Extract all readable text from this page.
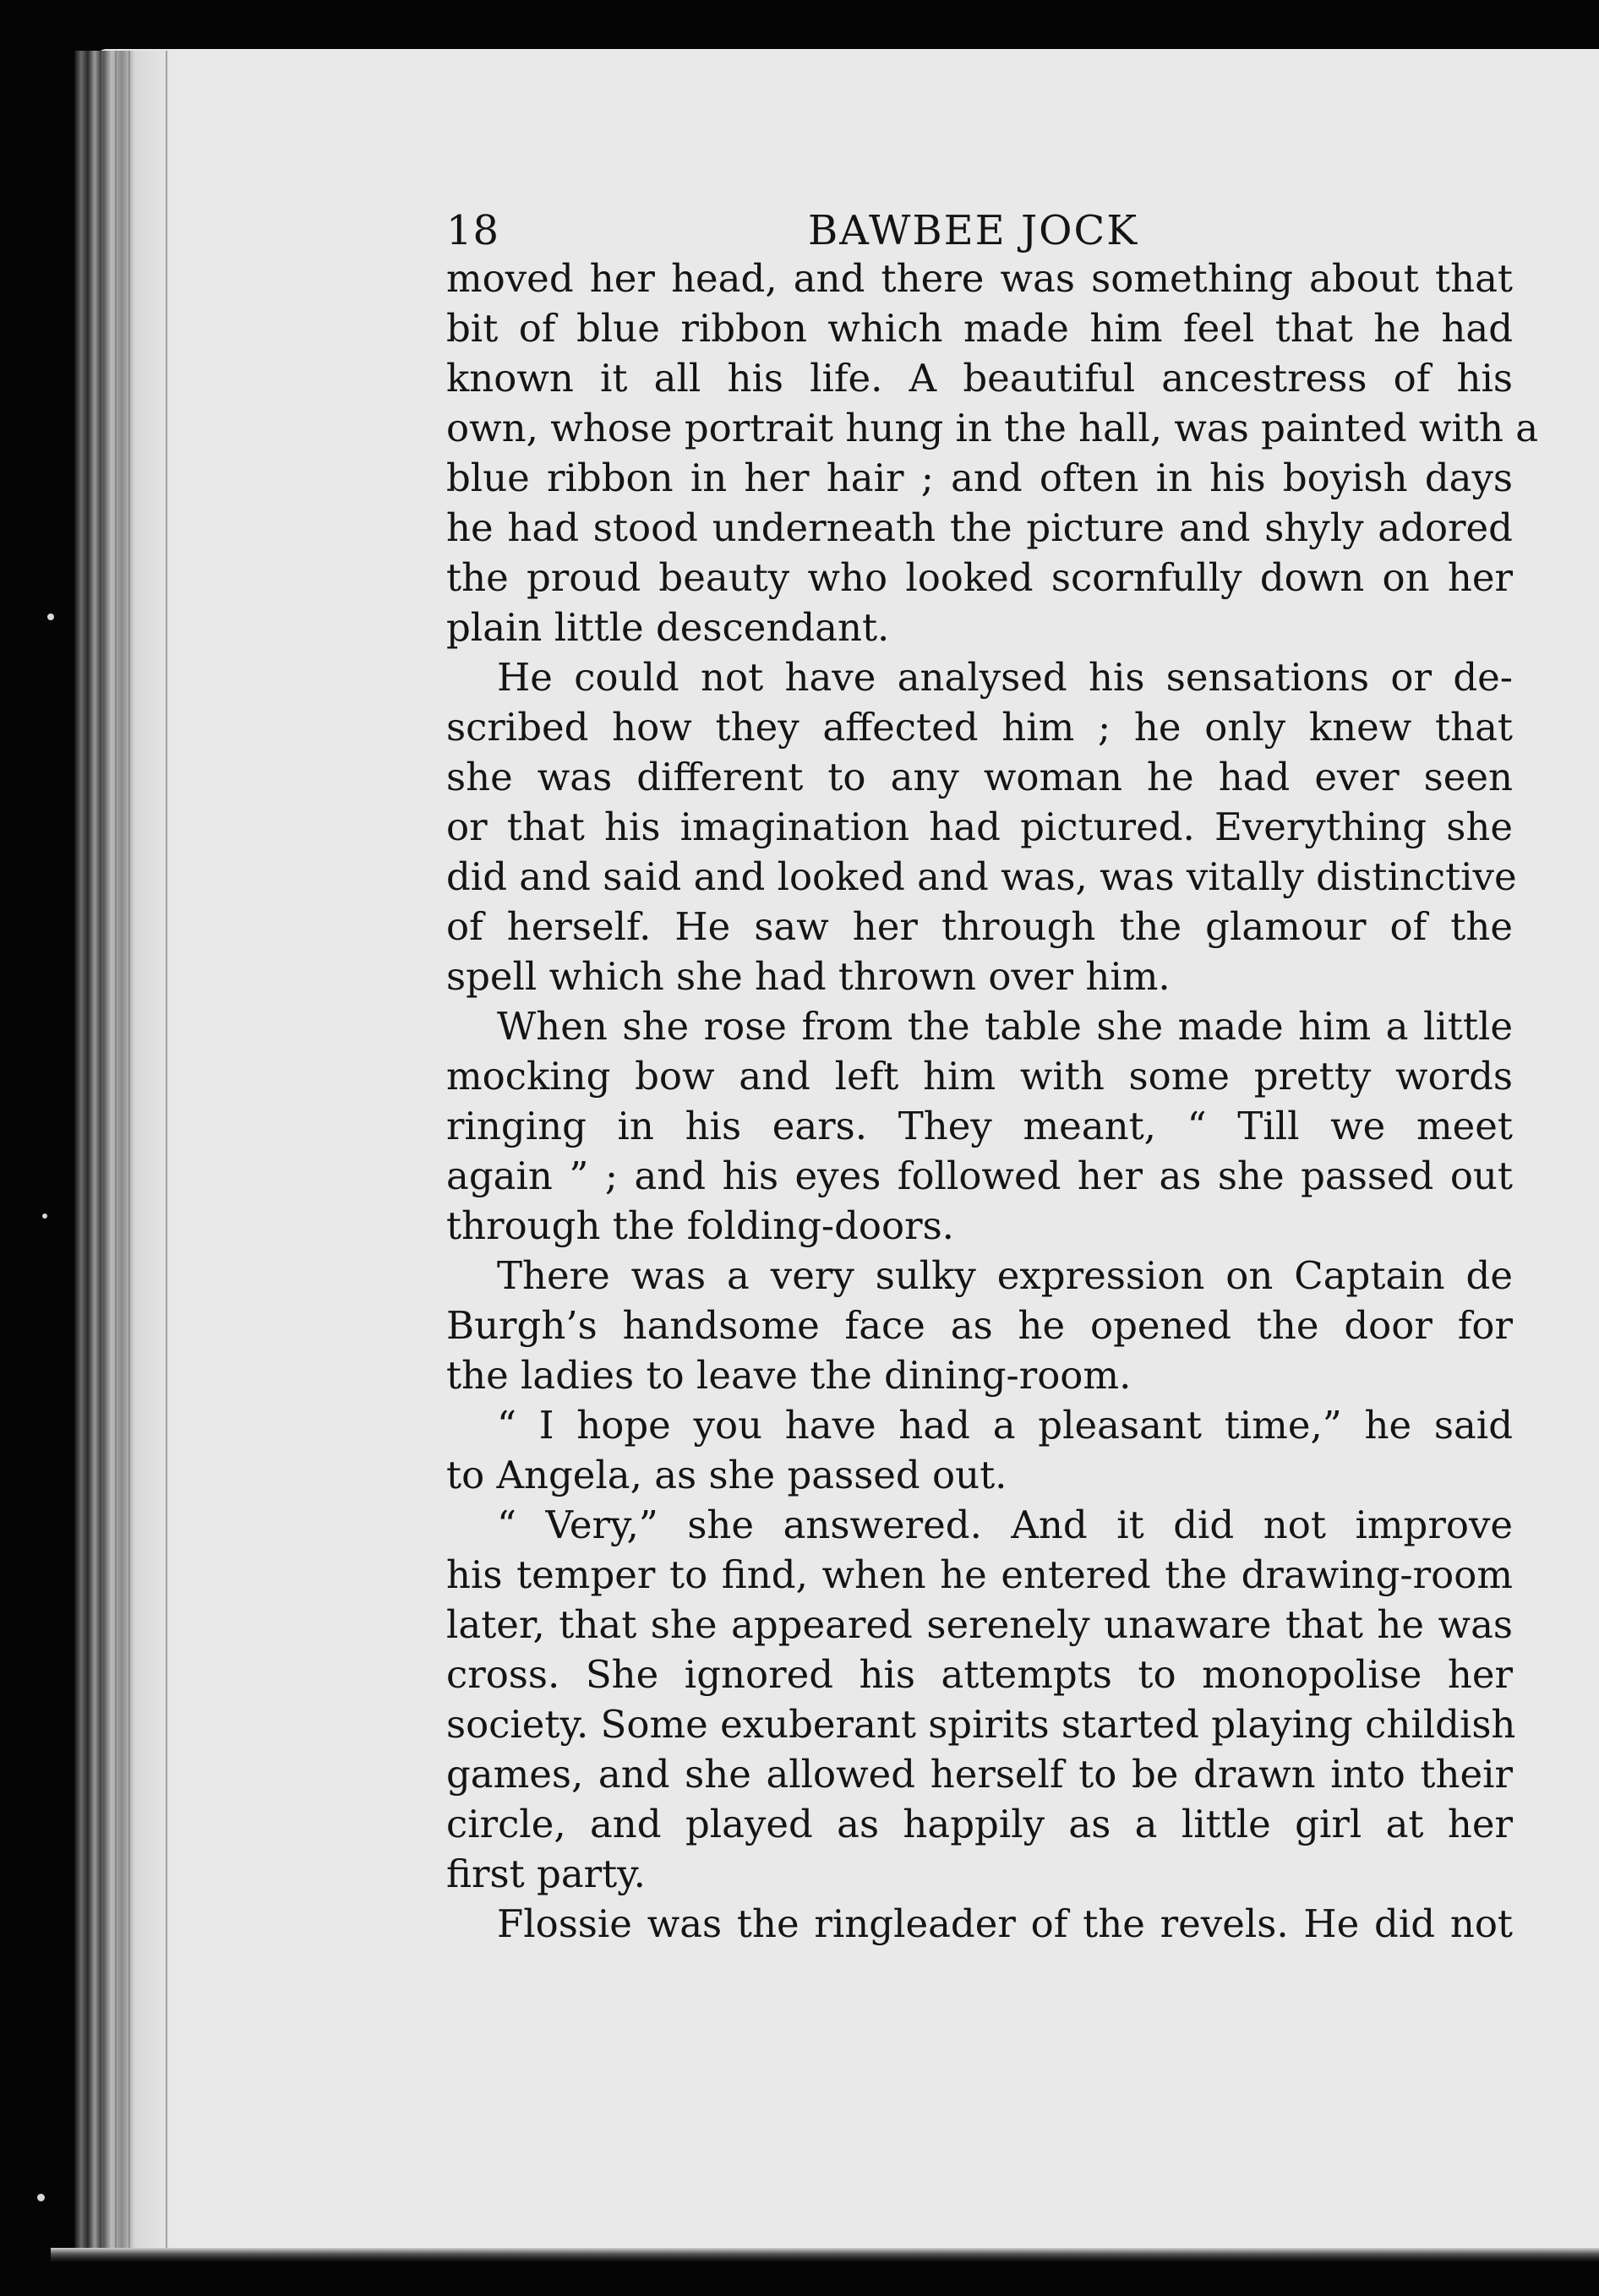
18	BAWBEE JOCK
moved her head, and there was something about that
bit of blue ribbon which made him feel that he had
known it all his life. A beautiful ancestress of his
own, whose portrait hung in the hall, was painted with a
blue ribbon in her hair ; and often in his boyish days
he had stood underneath the picture and shyly adored
the proud beauty who looked scornfully down on her
plain little descendant.
He could not have analysed his sensations or de-
scribed how they affected him ; he only knew that
she was different to any woman he had ever seen
or that his imagination had pictured. Everything she
did and said and looked and was, was vitally distinctive
of herself. He saw her through the glamour of the
spell which she had thrown over him.
When she rose from the table she made him a little
mocking bow and left him with some pretty words
ringing in his ears. They meant, “ Till we meet
again ” ; and his eyes followed her as she passed out
through the folding-doors.
There was a very sulky expression on Captain de
Burgh’s handsome face as he opened the door for
the ladies to leave the dining-room.
“ I hope you have had a pleasant time,” he said
to Angela, as she passed out.
“ Very,” she answered. And it did not improve
his temper to find, when he entered the drawing-room
later, that she appeared serenely unaware that he was
cross. She ignored his attempts to monopolise her
society. Some exuberant spirits started playing childish
games, and she allowed herself to be drawn into their
circle, and played as happily as a little girl at her
first party.
Flossie was the ringleader of the revels. He did not
